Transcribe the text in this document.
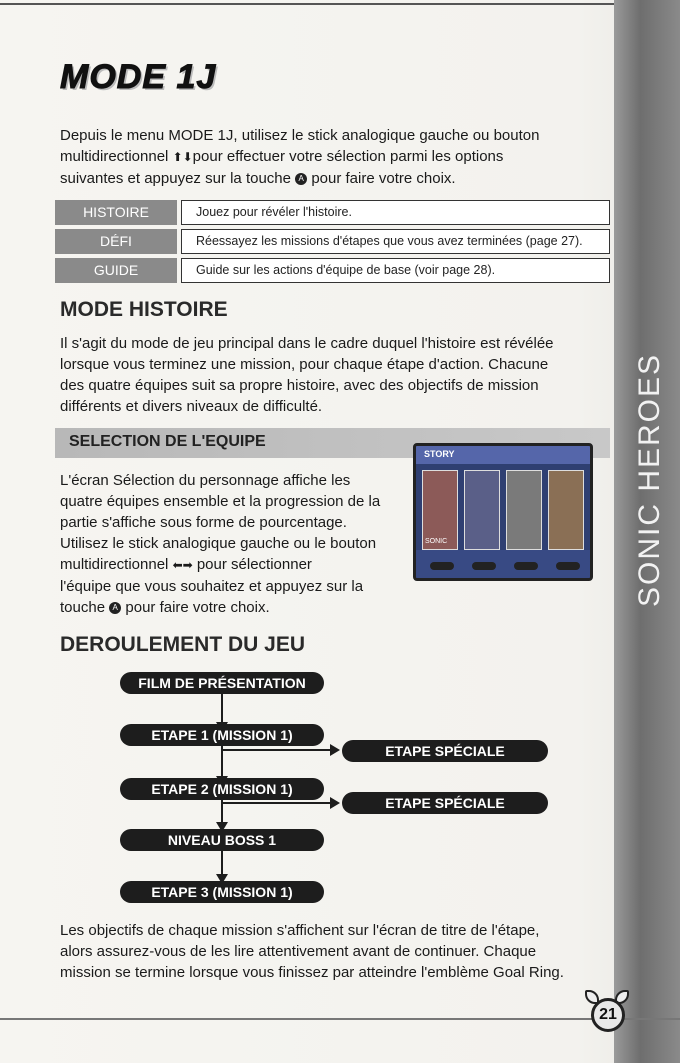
SONIC HEROES
MODE 1J
Depuis le menu MODE 1J, utilisez le stick analogique gauche ou bouton
multidirectionnel ⬆⬇pour effectuer votre sélection parmi les options
suivantes et appuyez sur la touche A pour faire votre choix.
HISTOIRE	Jouez pour révéler l'histoire.
DÉFI	Réessayez les missions d'étapes que vous avez terminées (page 27).
GUIDE	Guide sur les actions d'équipe de base (voir page 28).
MODE HISTOIRE
Il s'agit du mode de jeu principal dans le cadre duquel l'histoire est révélée
lorsque vous terminez une mission, pour chaque étape d'action. Chacune
des quatre équipes suit sa propre histoire, avec des objectifs de mission
différents et divers niveaux de difficulté.
SELECTION DE L'EQUIPE
L'écran Sélection du personnage affiche les
quatre équipes ensemble et la progression de la
partie s'affiche sous forme de pourcentage.
Utilisez le stick analogique gauche ou le bouton
multidirectionnel ⬅➡ pour sélectionner
l'équipe que vous souhaitez et appuyez sur la
touche A pour faire votre choix.
STORY
SONIC
DEROULEMENT DU JEU
FILM DE PRÉSENTATION
ETAPE 1 (MISSION 1)
ETAPE 2 (MISSION 1)
NIVEAU BOSS 1
ETAPE 3 (MISSION 1)
ETAPE SPÉCIALE
ETAPE SPÉCIALE
Les objectifs de chaque mission s'affichent sur l'écran de titre de l'étape,
alors assurez-vous de les lire attentivement avant de continuer. Chaque
mission se termine lorsque vous finissez par atteindre l'emblème Goal Ring.
21
